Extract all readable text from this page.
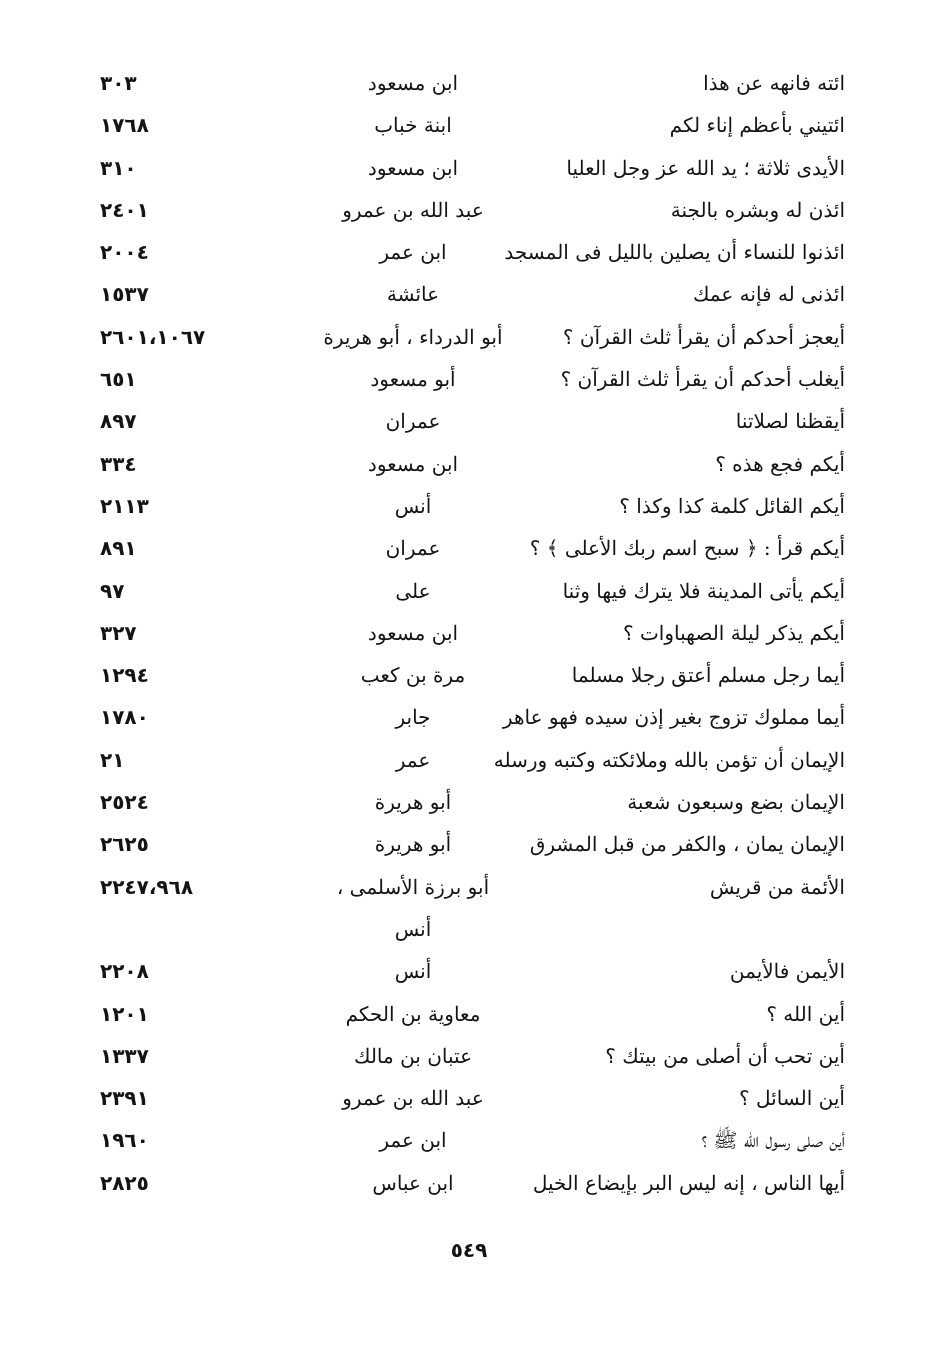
ائته فانهه عن هذا
ابن مسعود
٣٠٣
ائتيني بأعظم إناء لكم
ابنة خباب
١٧٦٨
الأيدى ثلاثة ؛ يد الله عز وجل العليا
ابن مسعود
٣١٠
ائذن له وبشره بالجنة
عبد الله بن عمرو
٢٤٠١
ائذنوا للنساء أن يصلين بالليل فى المسجد
ابن عمر
٢٠٠٤
ائذنى له فإنه عمك
عائشة
١٥٣٧
أيعجز أحدكم أن يقرأ ثلث القرآن ؟
أبو الدرداء ، أبو هريرة
٢٦٠١،١٠٦٧
أيغلب أحدكم أن يقرأ ثلث القرآن ؟
أبو مسعود
٦٥١
أيقظنا لصلاتنا
عمران
٨٩٧
أيكم فجع هذه ؟
ابن مسعود
٣٣٤
أيكم القائل كلمة كذا وكذا ؟
أنس
٢١١٣
أيكم قرأ : ﴿ سبح اسم ربك الأعلى ﴾ ؟
عمران
٨٩١
أيكم يأتى المدينة فلا يترك فيها وثنا
على
٩٧
أيكم يذكر ليلة الصهباوات ؟
ابن مسعود
٣٢٧
أيما رجل مسلم أعتق رجلا مسلما
مرة بن كعب
١٢٩٤
أيما مملوك تزوج بغير إذن سيده فهو عاهر
جابر
١٧٨٠
الإيمان أن تؤمن بالله وملائكته وكتبه ورسله
عمر
٢١
الإيمان بضع وسبعون شعبة
أبو هريرة
٢٥٢٤
الإيمان يمان ، والكفر من قبل المشرق
أبو هريرة
٢٦٢٥
الأئمة من قريش
أبو برزة الأسلمى ،
٢٢٤٧،٩٦٨
أنس
الأيمن فالأيمن
أنس
٢٢٠٨
أين الله ؟
معاوية بن الحكم
١٢٠١
أين تحب أن أصلى من بيتك ؟
عتبان بن مالك
١٣٣٧
أين السائل ؟
عبد الله بن عمرو
٢٣٩١
أين صلى رسول الله ﷺ ؟
ابن عمر
١٩٦٠
أيها الناس ، إنه ليس البر بإيضاع الخيل
ابن عباس
٢٨٢٥
٥٤٩
